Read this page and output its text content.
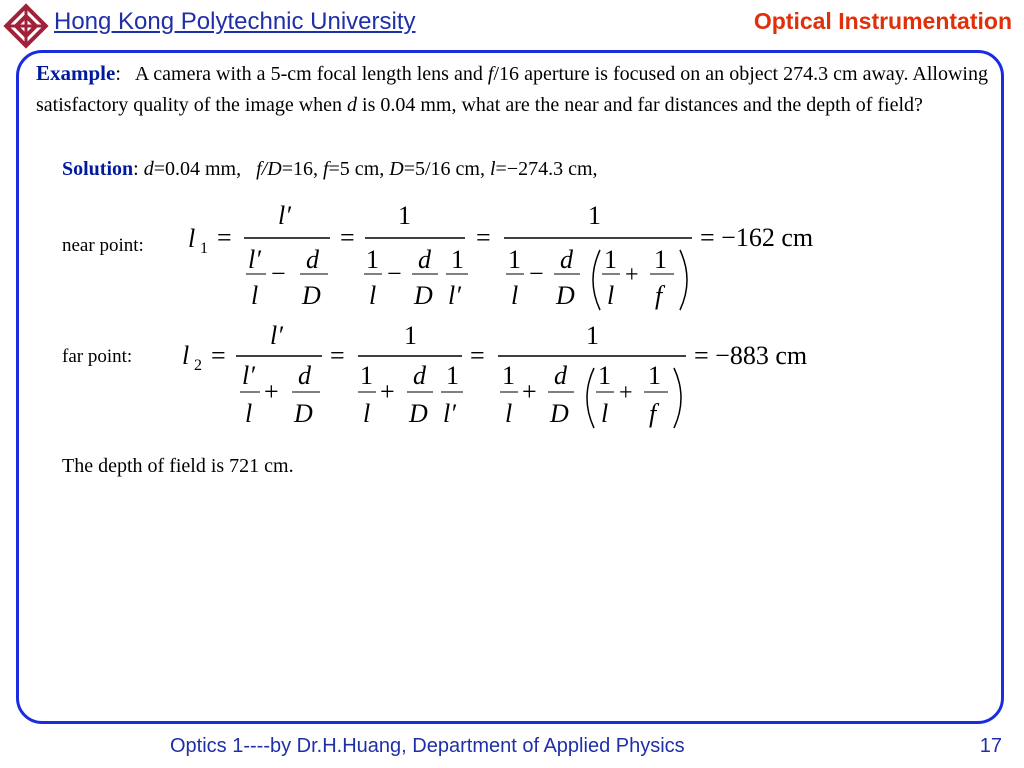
Hong Kong Polytechnic University	Optical Instrumentation
Example: A camera with a 5-cm focal length lens and f/16 aperture is focused on an object 274.3 cm away. Allowing satisfactory quality of the image when d is 0.04 mm, what are the near and far distances and the depth of field?
Solution: d=0.04 mm, f/D=16, f=5 cm, D=5/16 cm, l=−274.3 cm,
near point: l 1 =
l′
l′
l
− d
D
=
1
1
l
− d
D
1
l′
=
1
1
l
− d
D
1
l
+
1
f
= −162 cm
far point: l 2 =
l′
l′
l
+
d
D
=
1
1
l
+
d
D
1
l′
=
1
1
l
+
d
D
1
l
+
1
f
= −883 cm
The depth of field is 721 cm.
Optics 1----by Dr.H.Huang, Department of Applied Physics	17
